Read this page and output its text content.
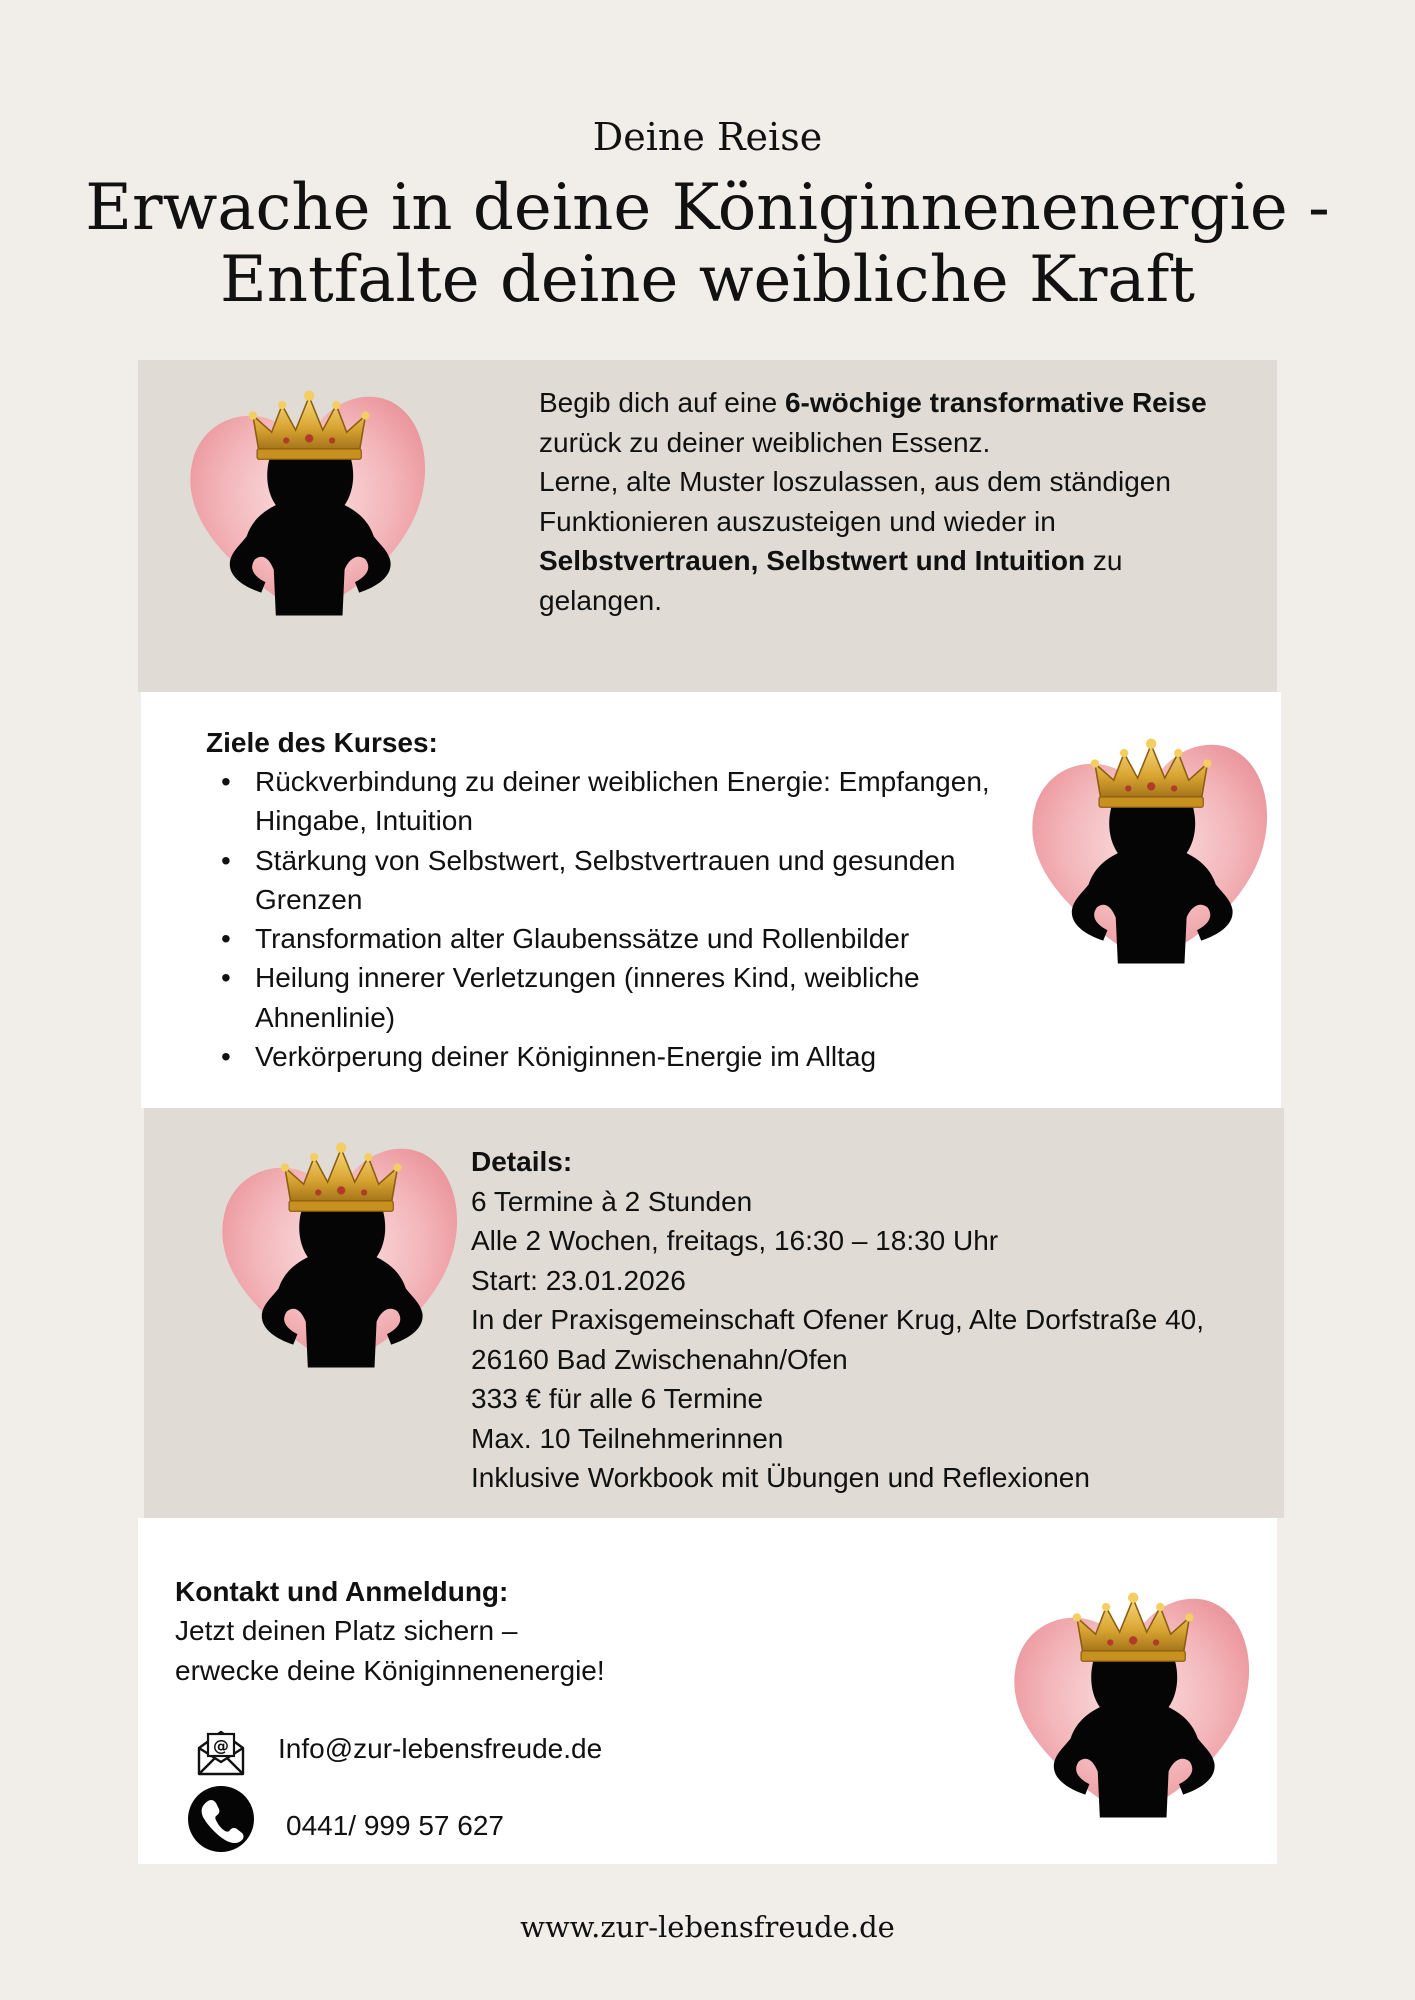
Deine Reise
Erwache in deine Königinnenenergie -
Entfalte deine weibliche Kraft
Begib dich auf eine 6-wöchige transformative Reise zurück zu deiner weiblichen Essenz.
Lerne, alte Muster loszulassen, aus dem ständigen Funktionieren auszusteigen und wieder in Selbstvertrauen, Selbstwert und Intuition zu gelangen.
Ziele des Kurses:
• Rückverbindung zu deiner weiblichen Energie: Empfangen, Hingabe, Intuition
• Stärkung von Selbstwert, Selbstvertrauen und gesunden Grenzen
• Transformation alter Glaubenssätze und Rollenbilder
• Heilung innerer Verletzungen (inneres Kind, weibliche Ahnenlinie)
• Verkörperung deiner Königinnen-Energie im Alltag
Details:
6 Termine à 2 Stunden
Alle 2 Wochen, freitags, 16:30 – 18:30 Uhr
Start: 23.01.2026
In der Praxisgemeinschaft Ofener Krug, Alte Dorfstraße 40,
26160 Bad Zwischenahn/Ofen
333 € für alle 6 Termine
Max. 10 Teilnehmerinnen
Inklusive Workbook mit Übungen und Reflexionen
Kontakt und Anmeldung:
Jetzt deinen Platz sichern –
erwecke deine Königinnenenergie!
@ Info@zur-lebensfreude.de
0441/ 999 57 627
www.zur-lebensfreude.de
